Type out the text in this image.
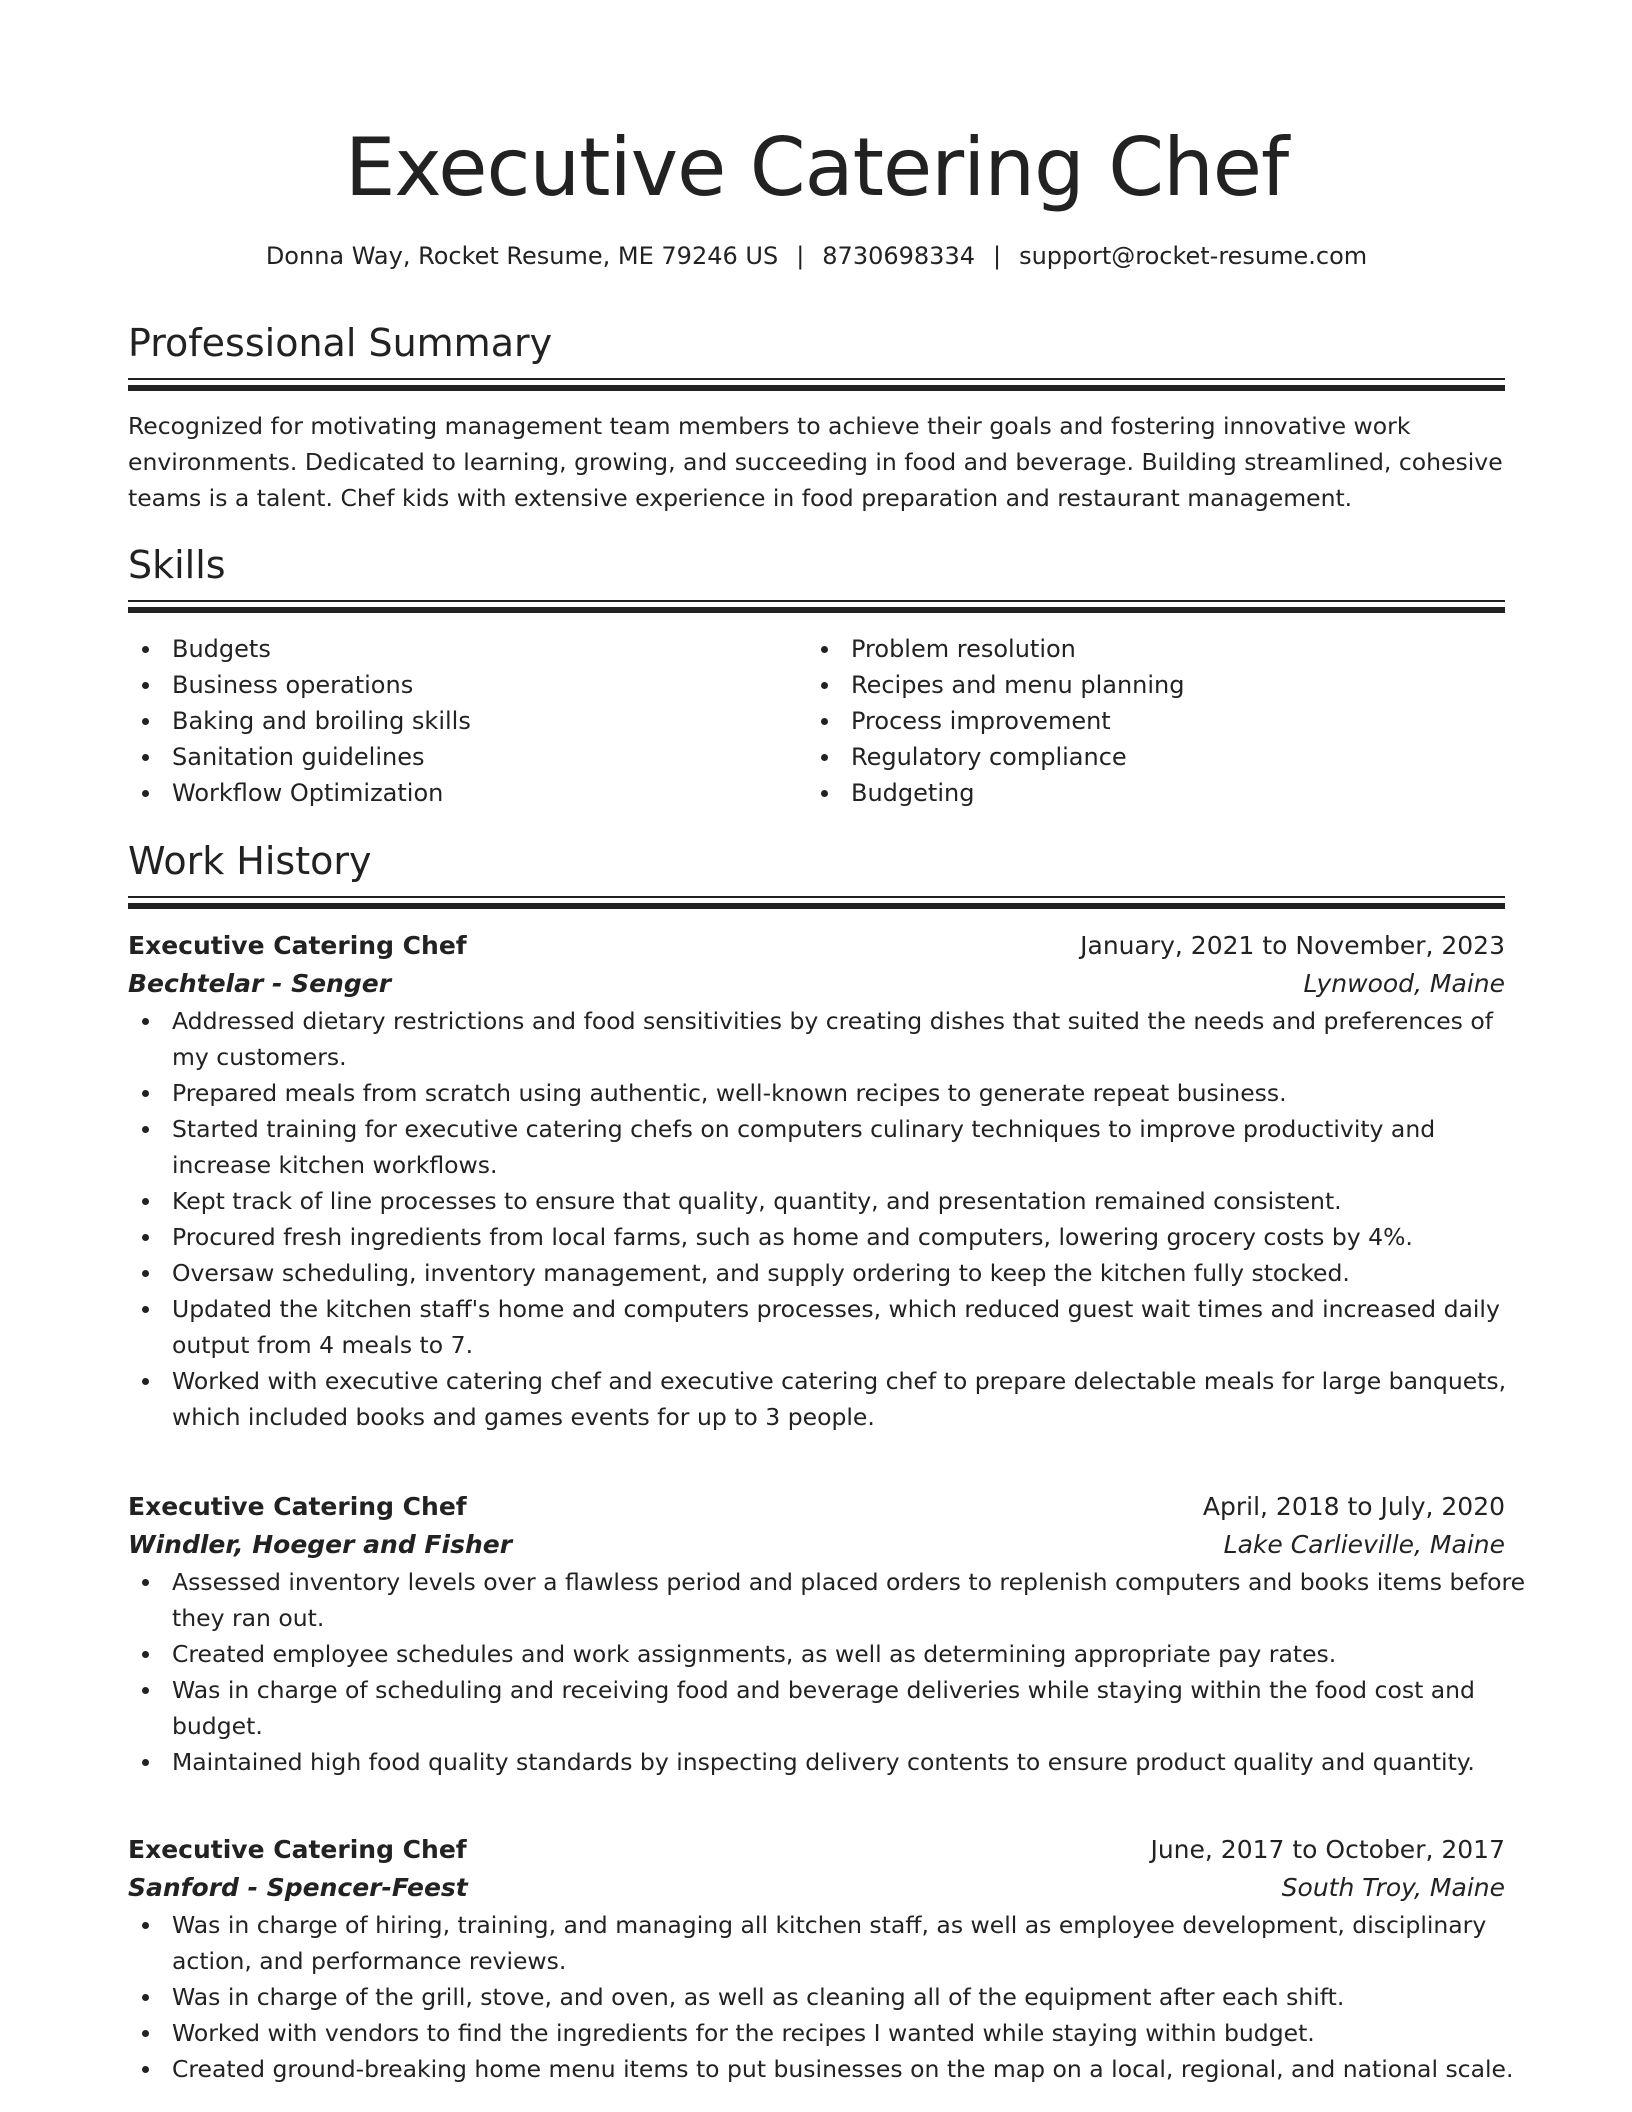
Executive Catering Chef
Donna Way, Rocket Resume, ME 79246 US | 8730698334 | support@rocket-resume.com
Professional Summary
Recognized for motivating management team members to achieve their goals and fostering innovative work
environments. Dedicated to learning, growing, and succeeding in food and beverage. Building streamlined, cohesive
teams is a talent. Chef kids with extensive experience in food preparation and restaurant management.
Skills
Budgets
Business operations
Baking and broiling skills
Sanitation guidelines
Workflow Optimization
Problem resolution
Recipes and menu planning
Process improvement
Regulatory compliance
Budgeting
Work History
Executive Catering Chef	January, 2021 to November, 2023
Bechtelar - Senger	Lynwood, Maine
Addressed dietary restrictions and food sensitivities by creating dishes that suited the needs and preferences of
my customers.
Prepared meals from scratch using authentic, well-known recipes to generate repeat business.
Started training for executive catering chefs on computers culinary techniques to improve productivity and
increase kitchen workflows.
Kept track of line processes to ensure that quality, quantity, and presentation remained consistent.
Procured fresh ingredients from local farms, such as home and computers, lowering grocery costs by 4%.
Oversaw scheduling, inventory management, and supply ordering to keep the kitchen fully stocked.
Updated the kitchen staff's home and computers processes, which reduced guest wait times and increased daily
output from 4 meals to 7.
Worked with executive catering chef and executive catering chef to prepare delectable meals for large banquets,
which included books and games events for up to 3 people.
Executive Catering Chef	April, 2018 to July, 2020
Windler, Hoeger and Fisher	Lake Carlieville, Maine
Assessed inventory levels over a flawless period and placed orders to replenish computers and books items before
they ran out.
Created employee schedules and work assignments, as well as determining appropriate pay rates.
Was in charge of scheduling and receiving food and beverage deliveries while staying within the food cost and
budget.
Maintained high food quality standards by inspecting delivery contents to ensure product quality and quantity.
Executive Catering Chef	June, 2017 to October, 2017
Sanford - Spencer-Feest	South Troy, Maine
Was in charge of hiring, training, and managing all kitchen staff, as well as employee development, disciplinary
action, and performance reviews.
Was in charge of the grill, stove, and oven, as well as cleaning all of the equipment after each shift.
Worked with vendors to find the ingredients for the recipes I wanted while staying within budget.
Created ground-breaking home menu items to put businesses on the map on a local, regional, and national scale.
